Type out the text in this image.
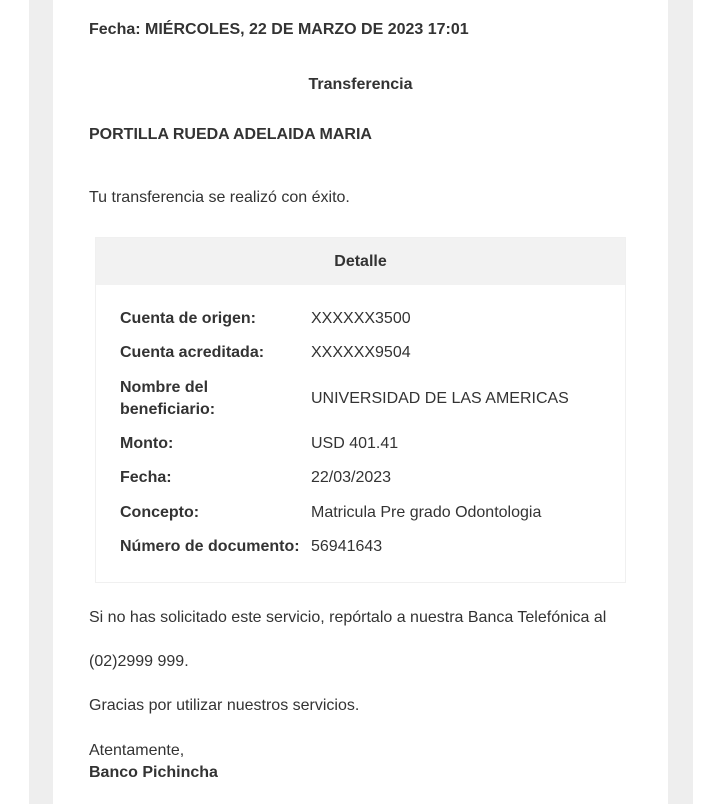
Fecha: MIÉRCOLES, 22 DE MARZO DE 2023 17:01
Transferencia
PORTILLA RUEDA ADELAIDA MARIA
Tu transferencia se realizó con éxito.
Detalle
Cuenta de origen:	XXXXXX3500
Cuenta acreditada:	XXXXXX9504
Nombre del beneficiario:
UNIVERSIDAD DE LAS AMERICAS
Monto:	USD 401.41
Fecha:	22/03/2023
Concepto:	Matricula Pre grado Odontologia
Número de documento: 56941643
Si no has solicitado este servicio, repórtalo a nuestra Banca Telefónica al
(02)2999 999.
Gracias por utilizar nuestros servicios.
Atentamente,
Banco Pichincha
